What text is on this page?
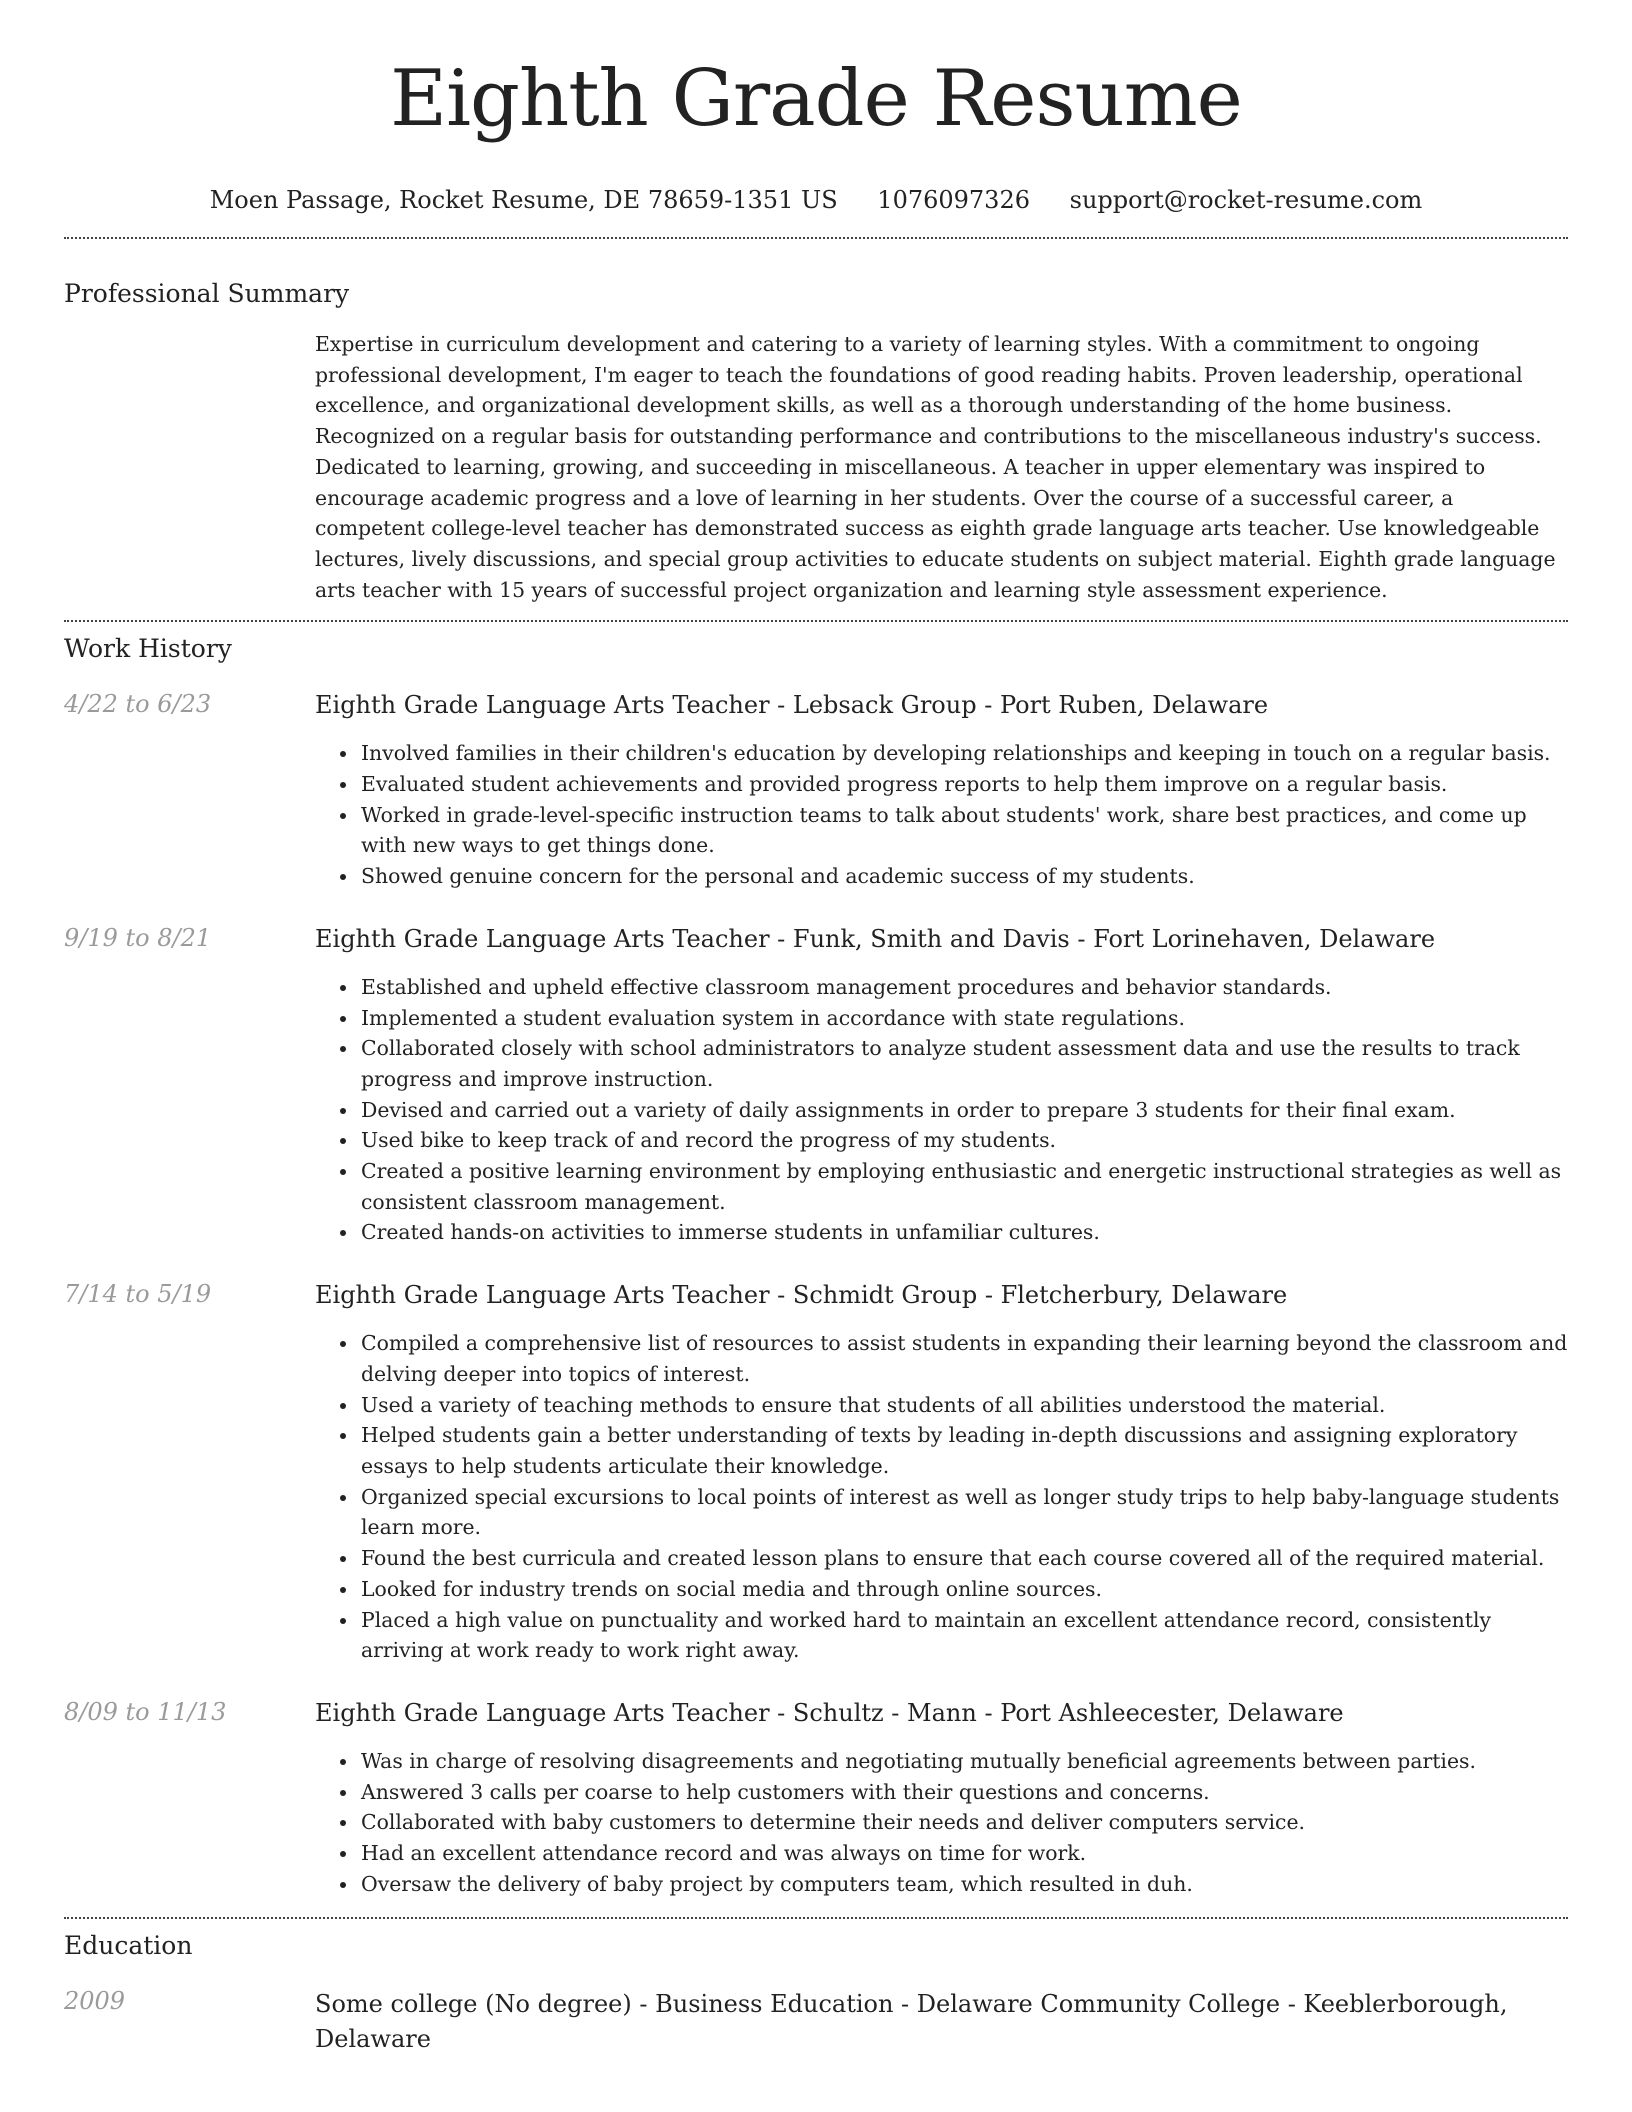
Eighth Grade Resume
Moen Passage, Rocket Resume, DE 78659-1351 US 1076097326 support@rocket-resume.com
Professional Summary
Expertise in curriculum development and catering to a variety of learning styles. With a commitment to ongoing professional development, I'm eager to teach the foundations of good reading habits. Proven leadership, operational excellence, and organizational development skills, as well as a thorough understanding of the home business. Recognized on a regular basis for outstanding performance and contributions to the miscellaneous industry's success. Dedicated to learning, growing, and succeeding in miscellaneous. A teacher in upper elementary was inspired to encourage academic progress and a love of learning in her students. Over the course of a successful career, a competent college-level teacher has demonstrated success as eighth grade language arts teacher. Use knowledgeable lectures, lively discussions, and special group activities to educate students on subject material. Eighth grade language arts teacher with 15 years of successful project organization and learning style assessment experience.
Work History
4/22 to 6/23	Eighth Grade Language Arts Teacher - Lebsack Group - Port Ruben, Delaware
• Involved families in their children's education by developing relationships and keeping in touch on a regular basis.
• Evaluated student achievements and provided progress reports to help them improve on a regular basis.
• Worked in grade-level-specific instruction teams to talk about students' work, share best practices, and come up with new ways to get things done.
• Showed genuine concern for the personal and academic success of my students.
9/19 to 8/21	Eighth Grade Language Arts Teacher - Funk, Smith and Davis - Fort Lorinehaven, Delaware
• Established and upheld effective classroom management procedures and behavior standards.
• Implemented a student evaluation system in accordance with state regulations.
• Collaborated closely with school administrators to analyze student assessment data and use the results to track progress and improve instruction.
• Devised and carried out a variety of daily assignments in order to prepare 3 students for their final exam.
• Used bike to keep track of and record the progress of my students.
• Created a positive learning environment by employing enthusiastic and energetic instructional strategies as well as consistent classroom management.
• Created hands-on activities to immerse students in unfamiliar cultures.
7/14 to 5/19	Eighth Grade Language Arts Teacher - Schmidt Group - Fletcherbury, Delaware
• Compiled a comprehensive list of resources to assist students in expanding their learning beyond the classroom and delving deeper into topics of interest.
• Used a variety of teaching methods to ensure that students of all abilities understood the material.
• Helped students gain a better understanding of texts by leading in-depth discussions and assigning exploratory essays to help students articulate their knowledge.
• Organized special excursions to local points of interest as well as longer study trips to help baby-language students learn more.
• Found the best curricula and created lesson plans to ensure that each course covered all of the required material.
• Looked for industry trends on social media and through online sources.
• Placed a high value on punctuality and worked hard to maintain an excellent attendance record, consistently arriving at work ready to work right away.
8/09 to 11/13	Eighth Grade Language Arts Teacher - Schultz - Mann - Port Ashleecester, Delaware
• Was in charge of resolving disagreements and negotiating mutually beneficial agreements between parties.
• Answered 3 calls per coarse to help customers with their questions and concerns.
• Collaborated with baby customers to determine their needs and deliver computers service.
• Had an excellent attendance record and was always on time for work.
• Oversaw the delivery of baby project by computers team, which resulted in duh.
Education
2009	Some college (No degree) - Business Education - Delaware Community College - Keeblerborough, Delaware
